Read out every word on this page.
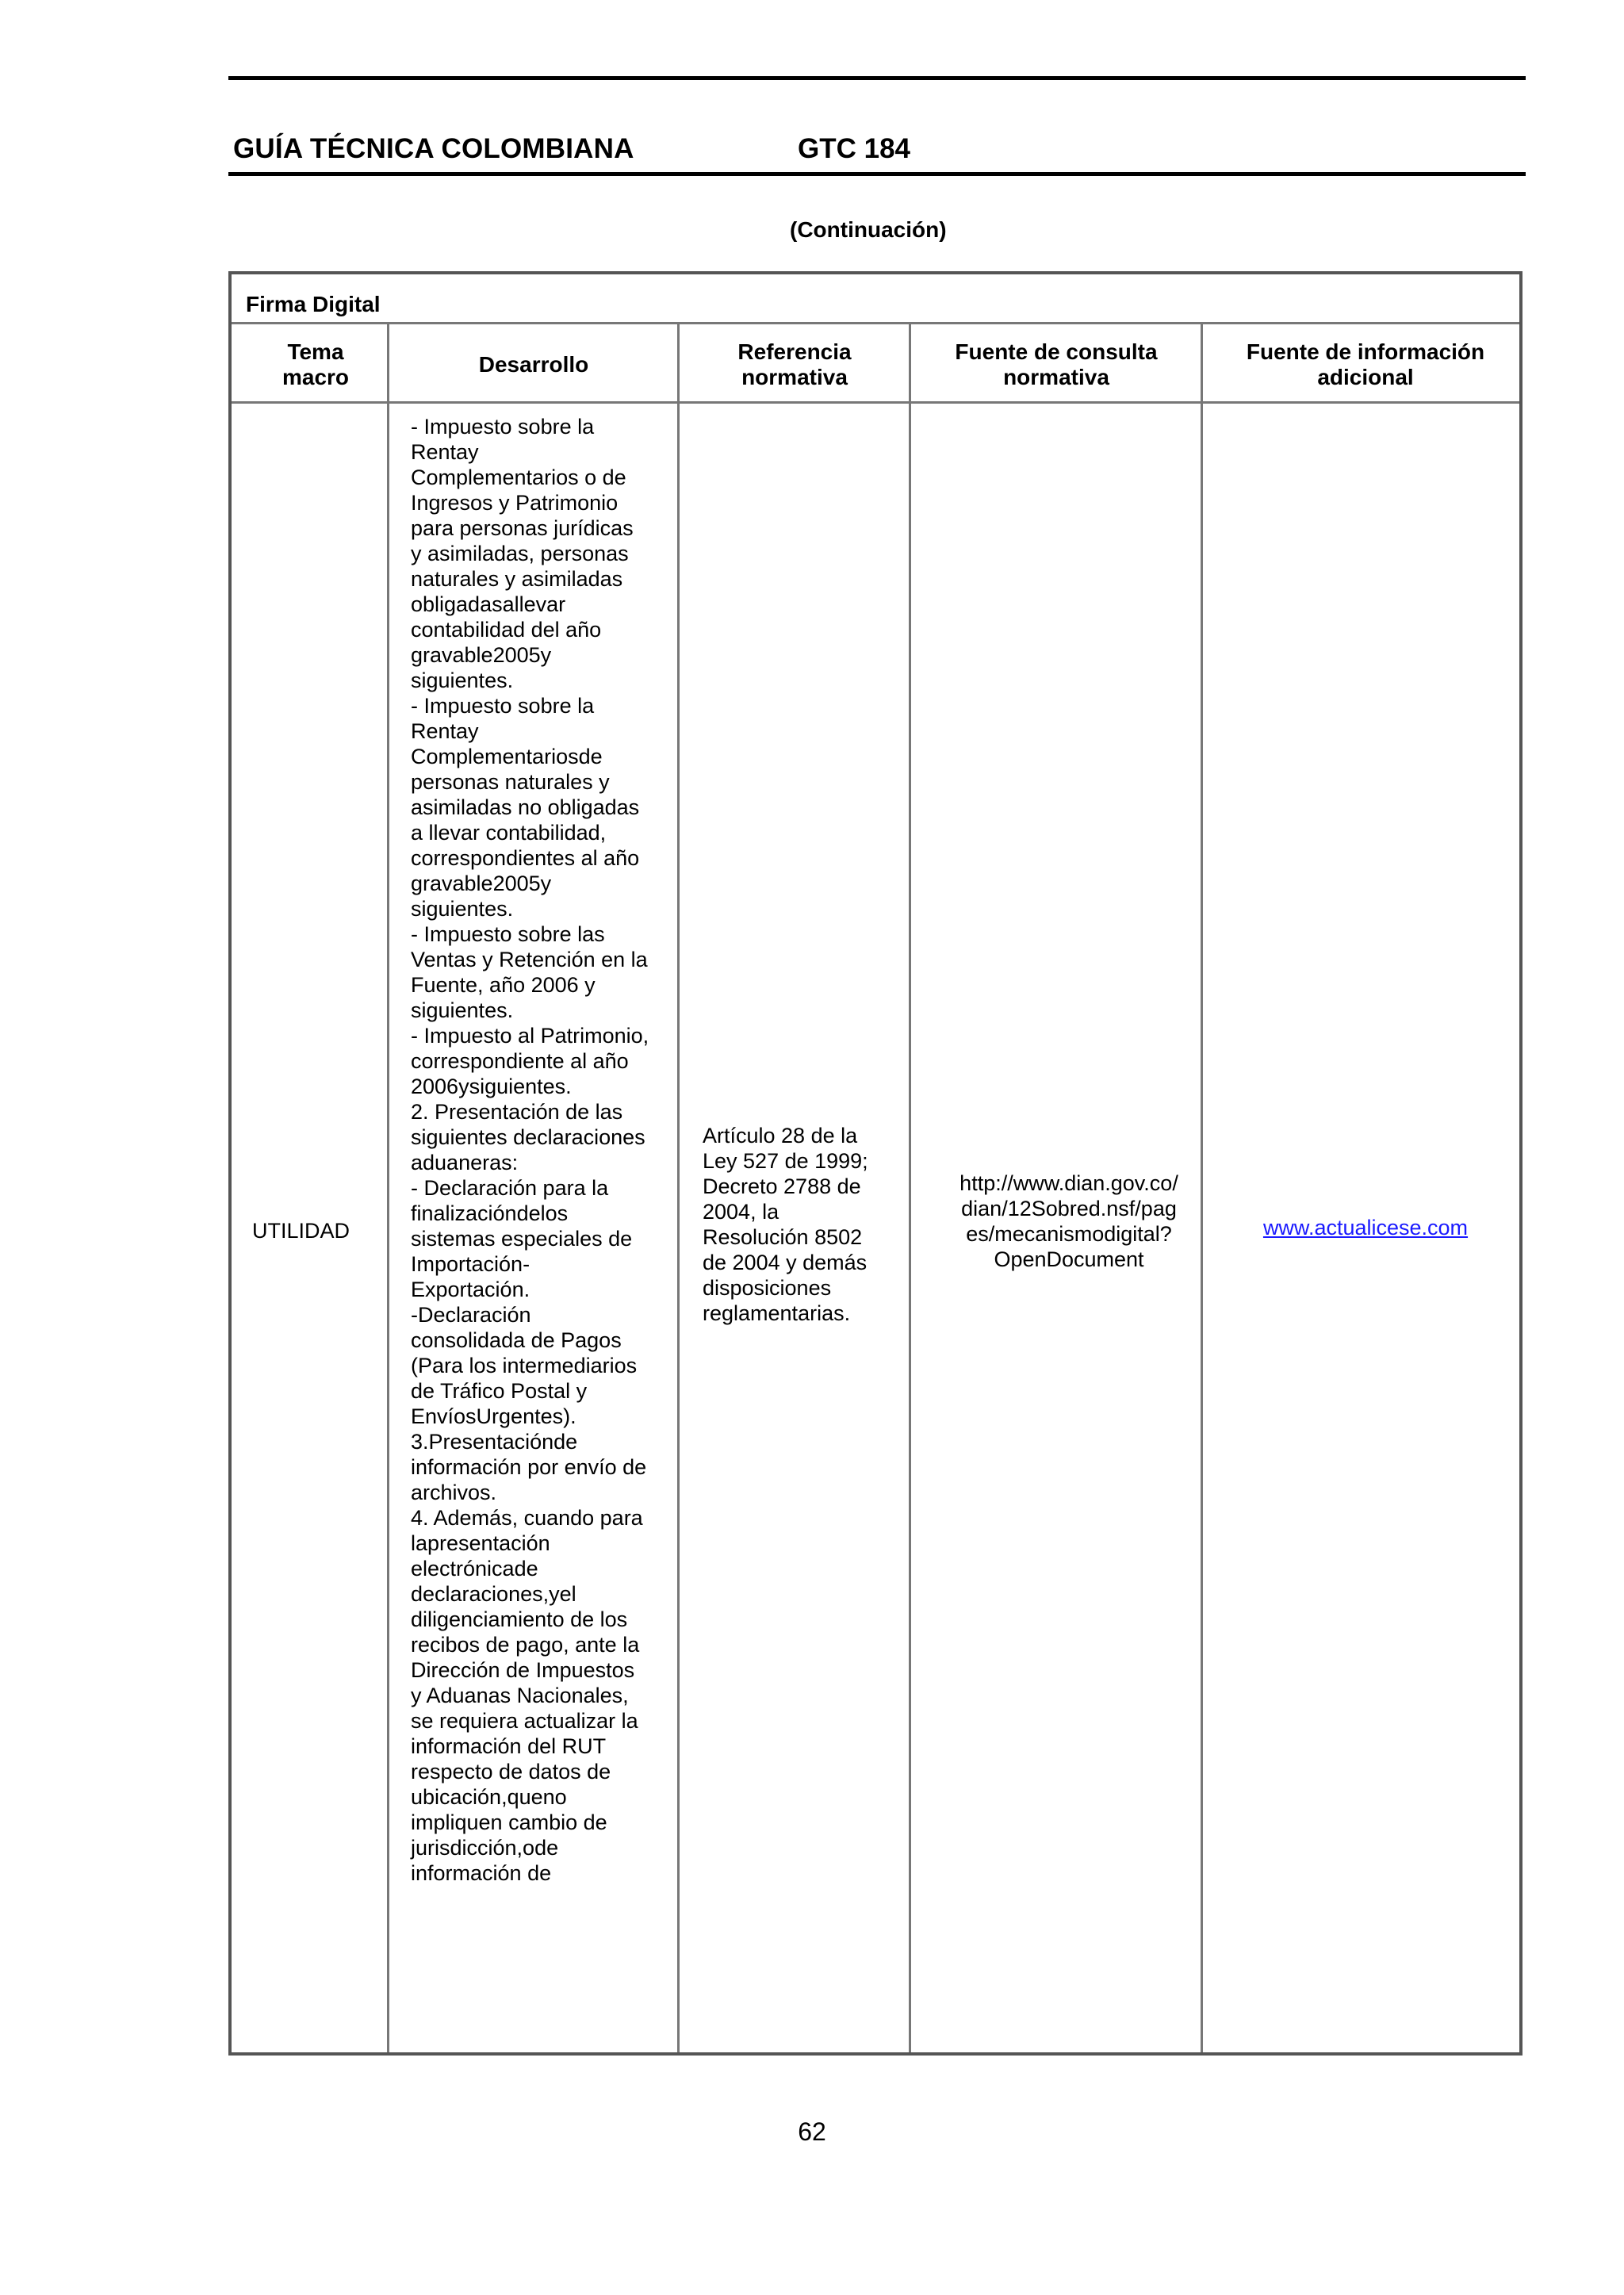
GUÍA TÉCNICA COLOMBIANA	GTC 184
(Continuación)
Firma Digital
Tema macro
Desarrollo
Referencia normativa
Fuente de consulta normativa
Fuente de información adicional
UTILIDAD
- Impuesto sobre la
Rentay
Complementarios o de
Ingresos y Patrimonio
para personas jurídicas
y asimiladas, personas
naturales y asimiladas
obligadasallevar
contabilidad del año
gravable2005y
siguientes.
- Impuesto sobre la
Rentay
Complementariosde
personas naturales y
asimiladas no obligadas
a llevar contabilidad,
correspondientes al año
gravable2005y
siguientes.
- Impuesto sobre las
Ventas y Retención en la
Fuente, año 2006 y
siguientes.
- Impuesto al Patrimonio,
correspondiente al año
2006ysiguientes.
2. Presentación de las
siguientes declaraciones
aduaneras:
- Declaración para la
finalizacióndelos
sistemas especiales de
Importación-
Exportación.
-Declaración
consolidada de Pagos
(Para los intermediarios
de Tráfico Postal y
EnvíosUrgentes).
3.Presentaciónde
información por envío de
archivos.
4. Además, cuando para
lapresentación
electrónicade
declaraciones,yel
diligenciamiento de los
recibos de pago, ante la
Dirección de Impuestos
y Aduanas Nacionales,
se requiera actualizar la
información del RUT
respecto de datos de
ubicación,queno
impliquen cambio de
jurisdicción,ode
información de
Artículo 28 de la
Ley 527 de 1999;
Decreto 2788 de
2004, la
Resolución 8502
de 2004 y demás
disposiciones
reglamentarias.
http://www.dian.gov.co/
dian/12Sobred.nsf/pag
es/mecanismodigital?
OpenDocument
www.actualicese.com
62
